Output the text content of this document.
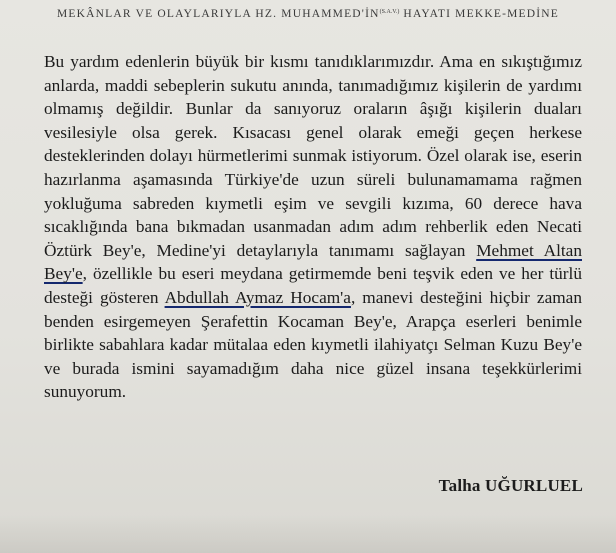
MEKÂNLAR VE OLAYLARIYLA HZ. $MUHAMMED'İN^{(S.A.V.)}$ HAYATI MEKKE-MEDİNE

Bu yardım edenlerin büyük bir kısmı tanıdıklarımızdır. Ama en sıkıştığımız anlarda, maddi sebeplerin sukutu anında, tanımadığımız kişilerin de yardımı olmamış değildir. Bunlar da sanıyoruz oraların âşığı kişilerin duaları vesilesiyle olsa gerek. Kısacası genel olarak emeği geçen herkese desteklerinden dolayı hürmetlerimi sunmak istiyorum. Özel olarak ise, eserin hazırlanma aşamasında Türkiye'de uzun süreli bulunamamama rağmen yokluğuma sabreden kıymetli eşim ve sevgili kızıma, 60 derece hava sıcaklığında bana bıkmadan usanmadan adım adım rehberlik eden Necati Öztürk Bey'e, Medine'yi detaylarıyla tanımamı sağlayan Mehmet Altan Bey'e, özellikle bu eseri meydana getirmemde beni teşvik eden ve her türlü desteği gösteren Abdullah Aymaz Hocam'a, manevi desteğini hiçbir zaman benden esirgemeyen Şerafettin Kocaman Bey'e, Arapça eserleri benimle birlikte sabahlara kadar mütalaa eden kıymetli ilahiyatçı Selman Kuzu Bey'e ve burada ismini sayamadığım daha nice güzel insana teşekkürlerimi sunuyorum.

Talha UĞURLUEL
